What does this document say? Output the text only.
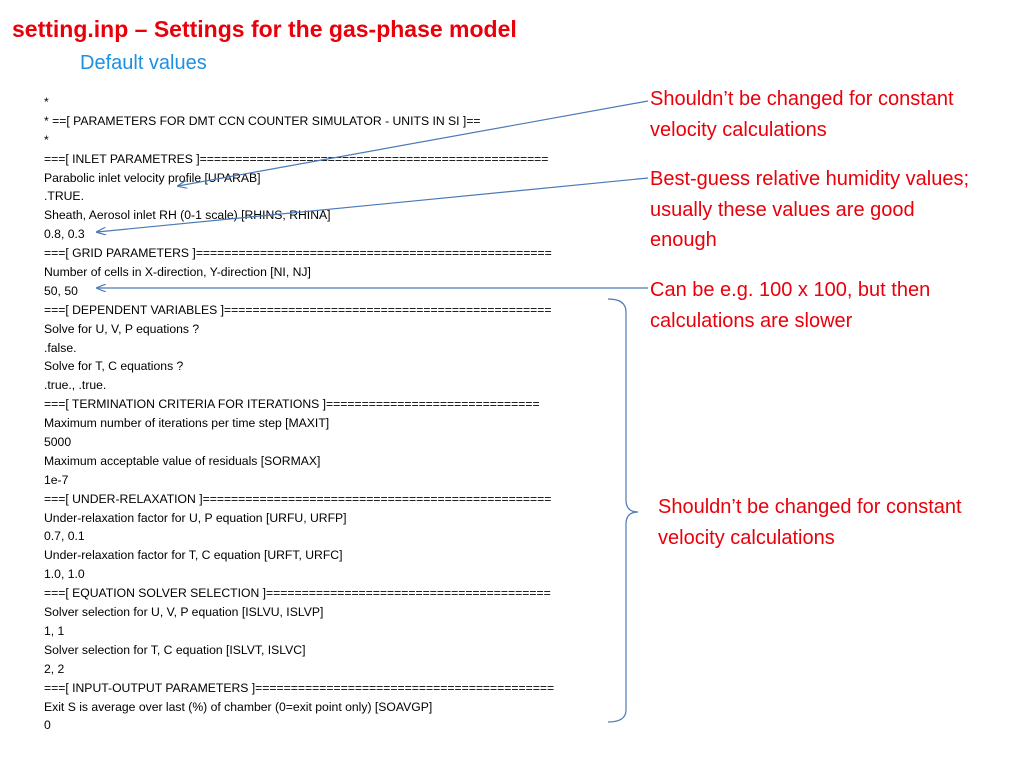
setting.inp – Settings for the gas-phase model
Default values
*
* ==[ PARAMETERS FOR DMT CCN COUNTER SIMULATOR - UNITS IN SI ]==
*
===[ INLET PARAMETRES ]=================================================
Parabolic inlet velocity profile [UPARAB]
.TRUE.
Sheath, Aerosol inlet RH (0-1 scale) [RHINS, RHINA]
0.8, 0.3
===[ GRID PARAMETERS ]==================================================
Number of cells in X-direction, Y-direction [NI, NJ]
50, 50
===[ DEPENDENT VARIABLES ]==============================================
Solve for U, V, P equations ?
.false.
Solve for T, C equations ?
.true., .true.
===[ TERMINATION CRITERIA FOR ITERATIONS ]==============================
Maximum number of iterations per time step [MAXIT]
5000
Maximum acceptable value of residuals [SORMAX]
1e-7
===[ UNDER-RELAXATION ]=================================================
Under-relaxation factor for U, P equation [URFU, URFP]
0.7, 0.1
Under-relaxation factor for T, C equation [URFT, URFC]
1.0, 1.0
===[ EQUATION SOLVER SELECTION ]========================================
Solver selection for U, V, P equation [ISLVU, ISLVP]
1, 1
Solver selection for T, C equation [ISLVT, ISLVC]
2, 2
===[ INPUT-OUTPUT PARAMETERS ]==========================================
Exit S is average over last (%) of chamber (0=exit point only) [SOAVGP]
0
Shouldn’t be changed for constant velocity calculations
Best-guess relative humidity values; usually these values are good enough
Can be e.g. 100 x 100, but then calculations are slower
Shouldn’t be changed for constant velocity calculations
